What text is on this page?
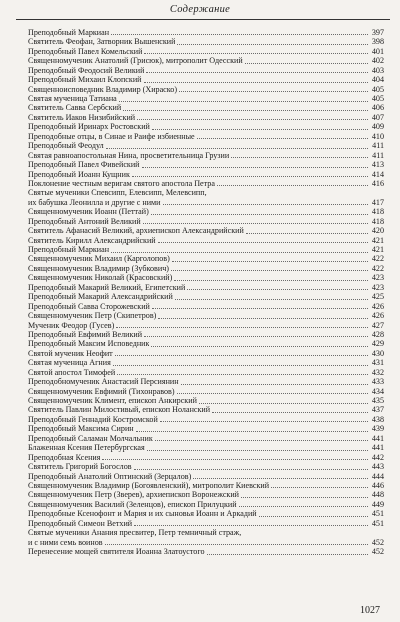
Содержание
Преподобный Маркиан	397
Святитель Феофан, Затворник Вышенский	398
Преподобный Павел Комельский	401
Священномученик Анатолий (Грисюк), митрополит Одесский	402
Преподобный Феодосий Великий	403
Преподобный Михаил Клопский	404
Священноисповедник Владимир (Хираско)	405
Святая мученица Татиана	405
Святитель Савва Сербский	406
Святитель Иаков Низибийский	407
Преподобный Иринарх Ростовский	409
Преподобные отцы, в Синае и Раифе избиенные	410
Преподобный Феодул	411
Святая равноапостольная Нина, просветительница Грузии	411
Преподобный Павел Фивейский	413
Преподобный Иоанн Кущник	414
Поклонение честным веригам святого апостола Петра	416
Святые мученики Спевсипп, Елевсипп, Мелевсипп,
их бабушка Леонилла и другие с ними	417
Священномученик Иоанн (Петтай)	418
Преподобный Антоний Великий	418
Святитель Афанасий Великий, архиепископ Александрийский	420
Святитель Кирилл Александрийский	421
Преподобный Маркиан	421
Священномученик Михаил (Карголопов)	422
Священномученик Владимир (Зубкович)	422
Священномученик Николай (Красовский)	423
Преподобный Макарий Великий, Египетский	423
Преподобный Макарий Александрийский	425
Преподобный Савва Сторожевский	426
Священномученик Петр (Скипетров)	426
Мученик Феодор (Гусев)	427
Преподобный Евфимий Великий	428
Преподобный Максим Исповедник	429
Святой мученик Неофит	430
Святая мученица Агния	431
Святой апостол Тимофей	432
Преподобномученик Анастасий Персиянин	433
Священномученик Евфимий (Тихонравов)	434
Священномученик Климент, епископ Анкирский	435
Святитель Павлин Милостивый, епископ Ноланский	437
Преподобный Геннадий Костромской	438
Преподобный Максима Сирин	439
Преподобный Саламан Молчальник	441
Блаженная Ксения Петербургская	441
Преподобная Ксения	442
Святитель Григорий Богослов	443
Преподобный Анатолий Оптинский (Зерцалов)	444
Священномученик Владимир (Богоявленский), митрополит Киевский	446
Священномученик Петр (Зверев), архиепископ Воронежский	448
Священномученик Василий (Зеленцов), епископ Прилуцкий	449
Преподобные Ксенофонт и Мария и их сыновья Иоанн и Аркадий	451
Преподобный Симеон Ветхий	451
Святые мученики Анания пресвитер, Петр темничный страж,
и с ними семь воинов	452
Перенесение мощей святителя Иоанна Златоустого	452
1027
